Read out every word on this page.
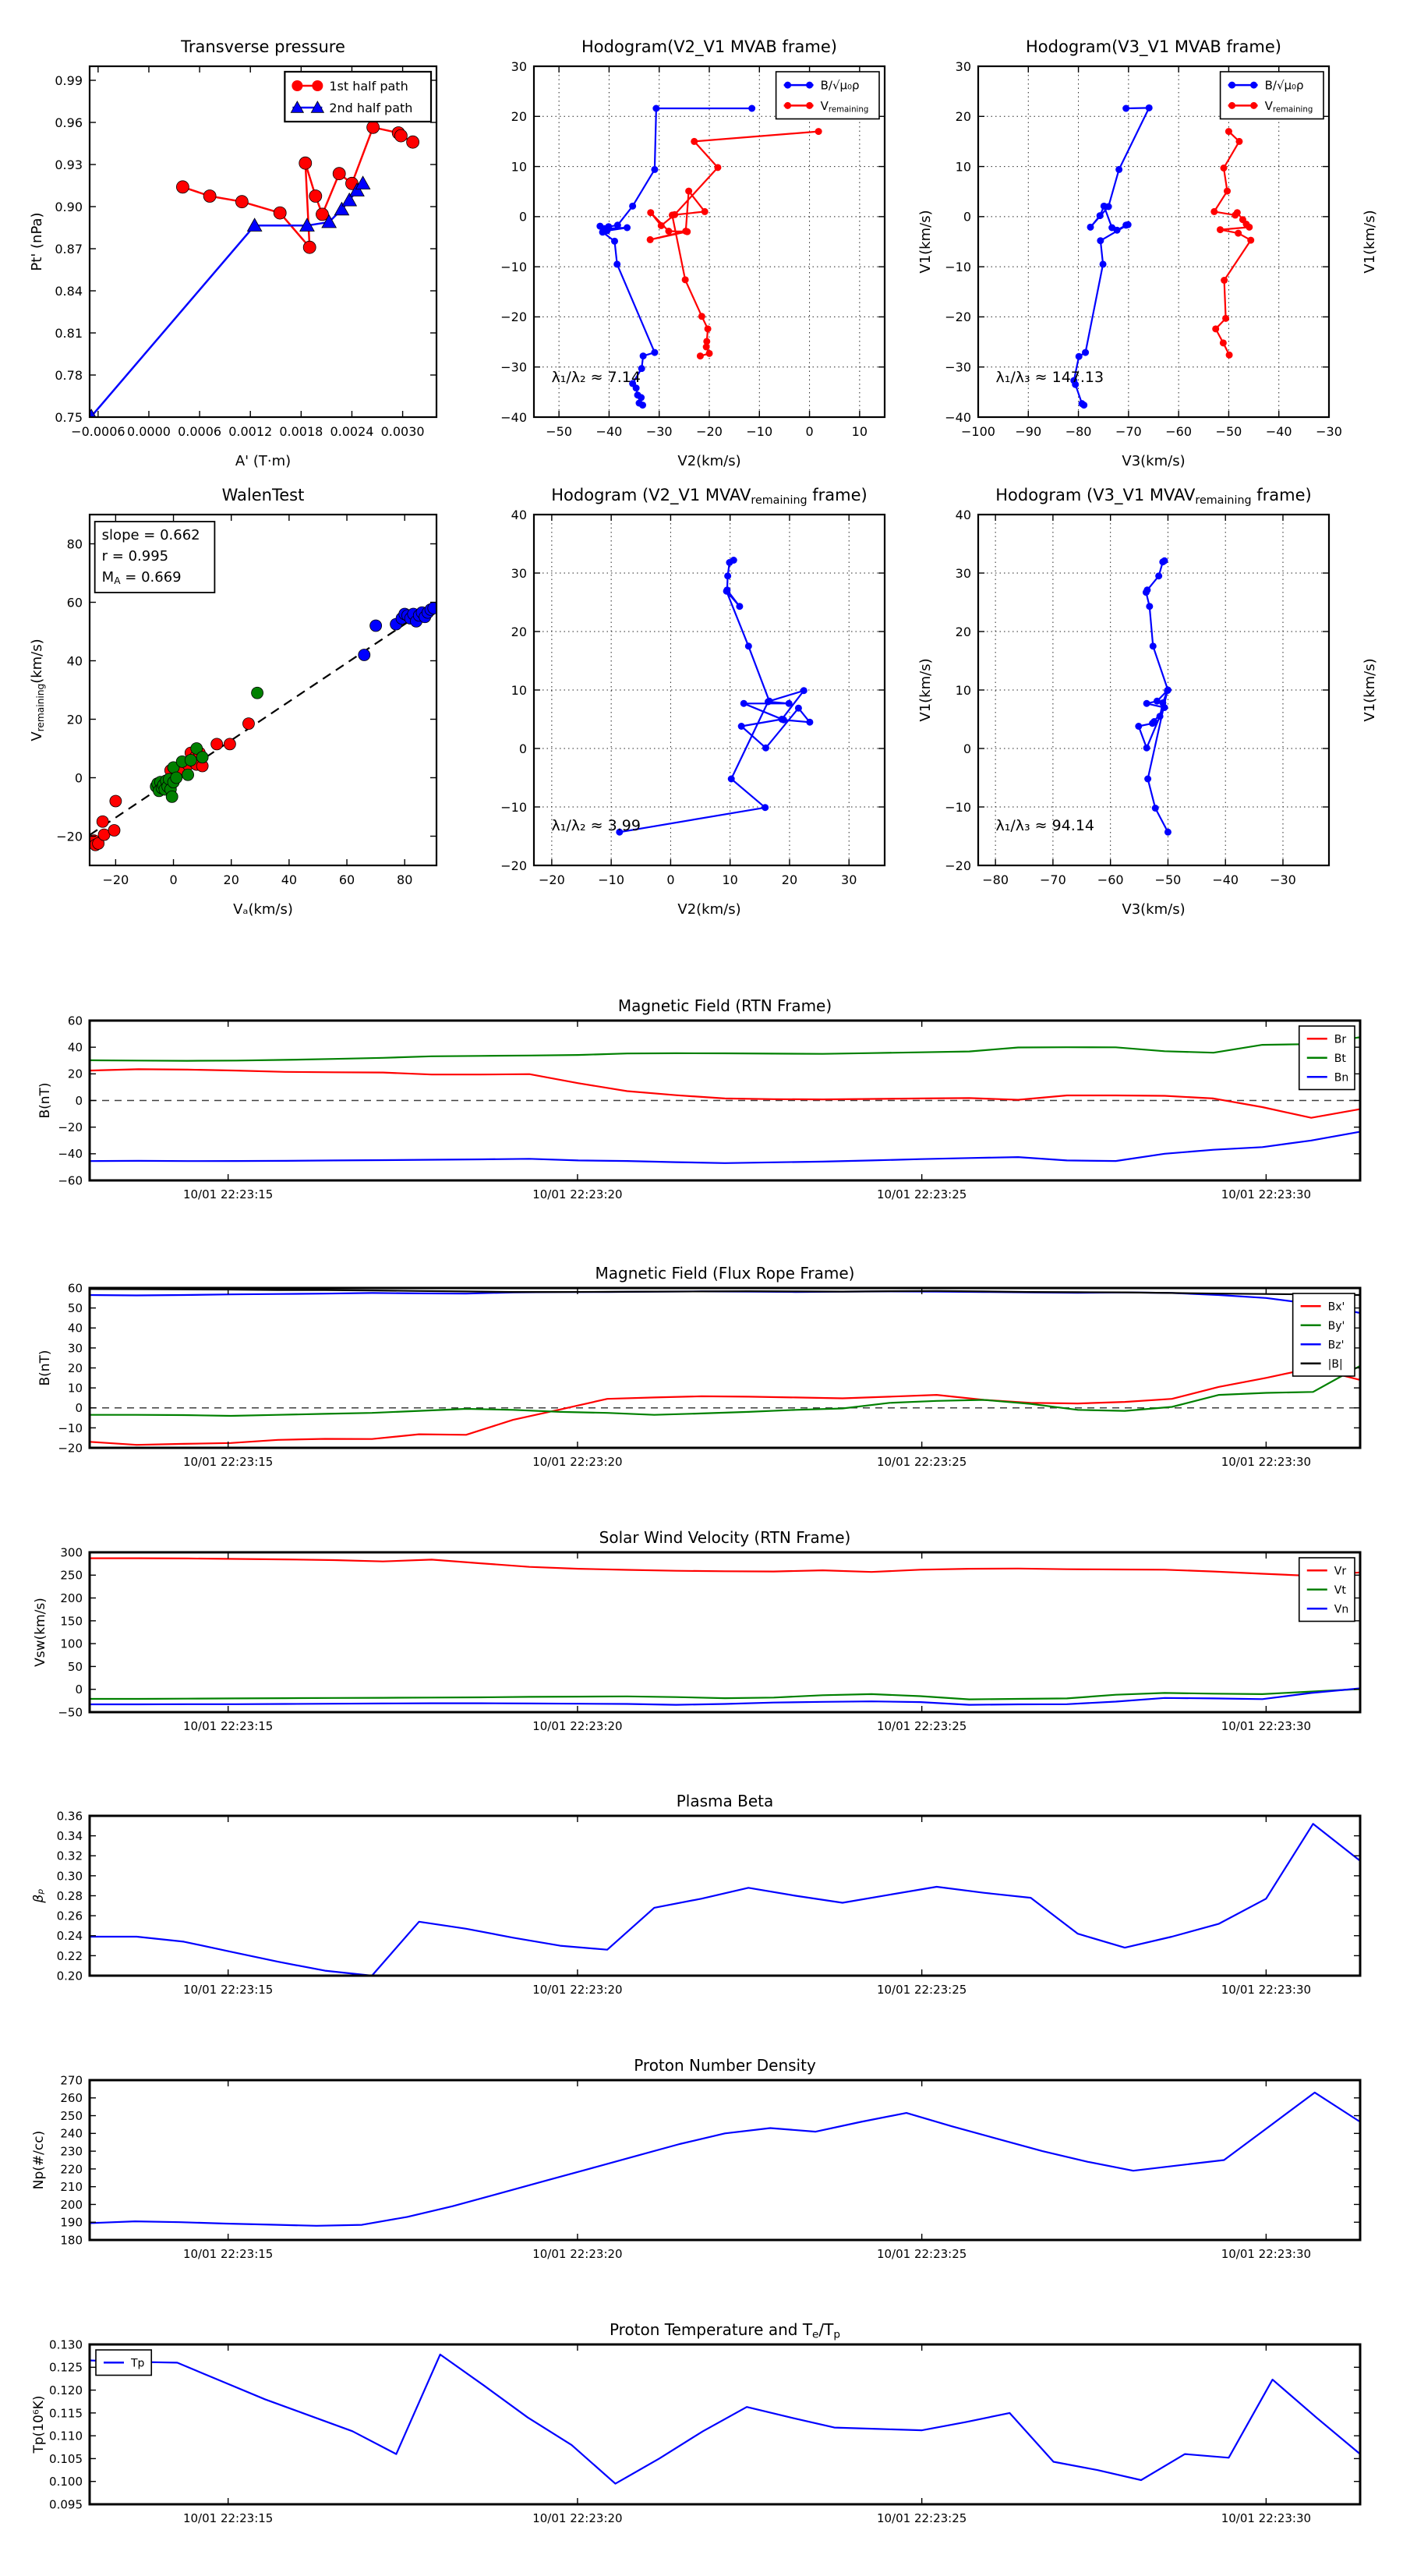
−0.0006 0.0000 0.0006 0.0012 0.0018 0.0024 0.0030
0.75
0.78
0.81
0.84
0.87
0.90
0.93
0.96
0.99
Transverse pressure
A' (T·m)
Pt' (nPa)
1st half path
2nd half path
−50 −40 −30 −20 −10	0	10
−40
−30
−20
−10
0
10
20
30
Hodogram(V2_V1 MVAB frame)
V2(km/s)
V1(km/s)
B/√μ₀ρ
Vremaining
λ₁/λ₂ ≈ 7.14
−100 −90 −80 −70 −60 −50 −40 −30
−40
−30
−20
−10
0
10
20
30
Hodogram(V3_V1 MVAB frame)
V3(km/s)
V1(km/s)
B/√μ₀ρ
Vremaining
λ₁/λ₃ ≈ 147.13
−20	0	20	40	60	80
−20
0
20
40
60
80
WalenTest
Vₐ(km/s)
Vremaining(km/s)
slope = 0.662
r = 0.995
MA = 0.669
−20	−10	0	10	20	30
−20
−10
0
10
20
30
40
Hodogram (V2_V1 MVAVremaining frame)
V2(km/s)
V1(km/s)
λ₁/λ₂ ≈ 3.99
−80	−70	−60	−50	−40	−30
−20
−10
0
10
20
30
40
Hodogram (V3_V1 MVAVremaining frame)
V3(km/s)
V1(km/s)
λ₁/λ₃ ≈ 94.14
10/01 22:23:15	10/01 22:23:20	10/01 22:23:25	10/01 22:23:30
−60
−40
−20
0
20
40
60
Magnetic Field (RTN Frame)
B(nT)
Br
Bt
Bn
10/01 22:23:15	10/01 22:23:20	10/01 22:23:25	10/01 22:23:30
−20
−10
0
10
20
30
40
50
60
Magnetic Field (Flux Rope Frame)
B(nT)
Bx'
By'
Bz'
|B|
10/01 22:23:15	10/01 22:23:20	10/01 22:23:25	10/01 22:23:30
−50
0
50
100
150
200
250
300
Solar Wind Velocity (RTN Frame)
Vsw(km/s)
Vr
Vt
Vn
10/01 22:23:15	10/01 22:23:20	10/01 22:23:25	10/01 22:23:30
0.20
0.22
0.24
0.26
0.28
0.30
0.32
0.34
0.36
Plasma Beta
βₚ
10/01 22:23:15	10/01 22:23:20	10/01 22:23:25	10/01 22:23:30
180
190
200
210
220
230
240
250
260
270
Proton Number Density
Np(#/cc)
10/01 22:23:15	10/01 22:23:20	10/01 22:23:25	10/01 22:23:30
0.095
0.100
0.105
0.110
0.115
0.120
0.125
0.130
Proton Temperature and Te/Tp
Tp(10⁶K)
Tp
